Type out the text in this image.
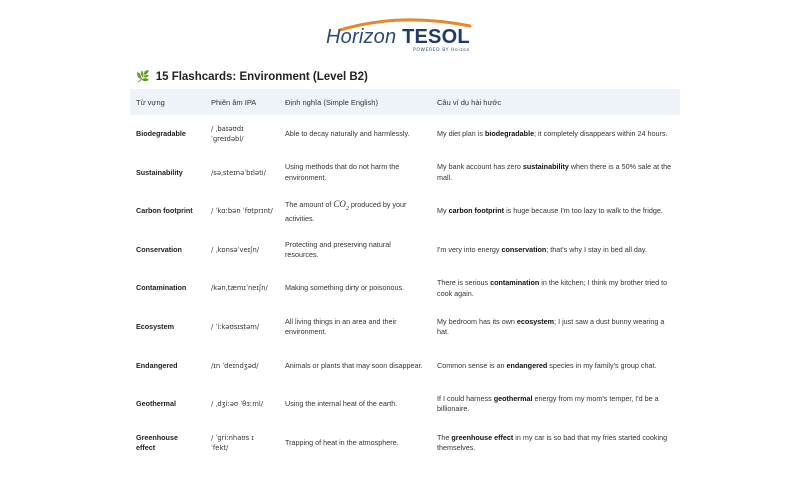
Horizon TESOL
POWERED BY Hoizon
🌿 15 Flashcards: Environment (Level B2)
Từ vựng	Phiên âm IPA	Định nghĩa (Simple English)	Câu ví dụ hài hước
Biodegradable	/ ˌbaɪəʊdɪ ˈɡreɪdəbl/	Able to decay naturally and harmlessly.	My diet plan is biodegradable; it completely disappears within 24 hours.
Sustainability	/səˌsteɪnəˈbɪləti/	Using methods that do not harm the environment.	My bank account has zero sustainability when there is a 50% sale at the mall.
Carbon footprint	/ ˈkɑːbən ˈfʊtprɪnt/	The amount of $CO_2$ produced by your activities.	My carbon footprint is huge because I'm too lazy to walk to the fridge.
Conservation	/ ˌkɒnsəˈveɪʃn/	Protecting and preserving natural resources.	I'm very into energy conservation; that's why I stay in bed all day.
Contamination	/kənˌtæmɪˈneɪʃn/	Making something dirty or poisonous.	There is serious contamination in the kitchen; I think my brother tried to cook again.
Ecosystem	/ ˈiːkəʊsɪstəm/	All living things in an area and their environment.	My bedroom has its own ecosystem; I just saw a dust bunny wearing a hat.
Endangered	/ɪn ˈdeɪndʒəd/	Animals or plants that may soon disappear.	Common sense is an endangered species in my family's group chat.
Geothermal	/ ˌdʒiːəʊ ˈθɜːml/	Using the internal heat of the earth.	If I could harness geothermal energy from my mom's temper, I'd be a billionaire.
Greenhouse effect	/ ˈɡriːnhaʊs ɪ ˈfekt/	Trapping of heat in the atmosphere.	The greenhouse effect in my car is so bad that my fries started cooking themselves.
